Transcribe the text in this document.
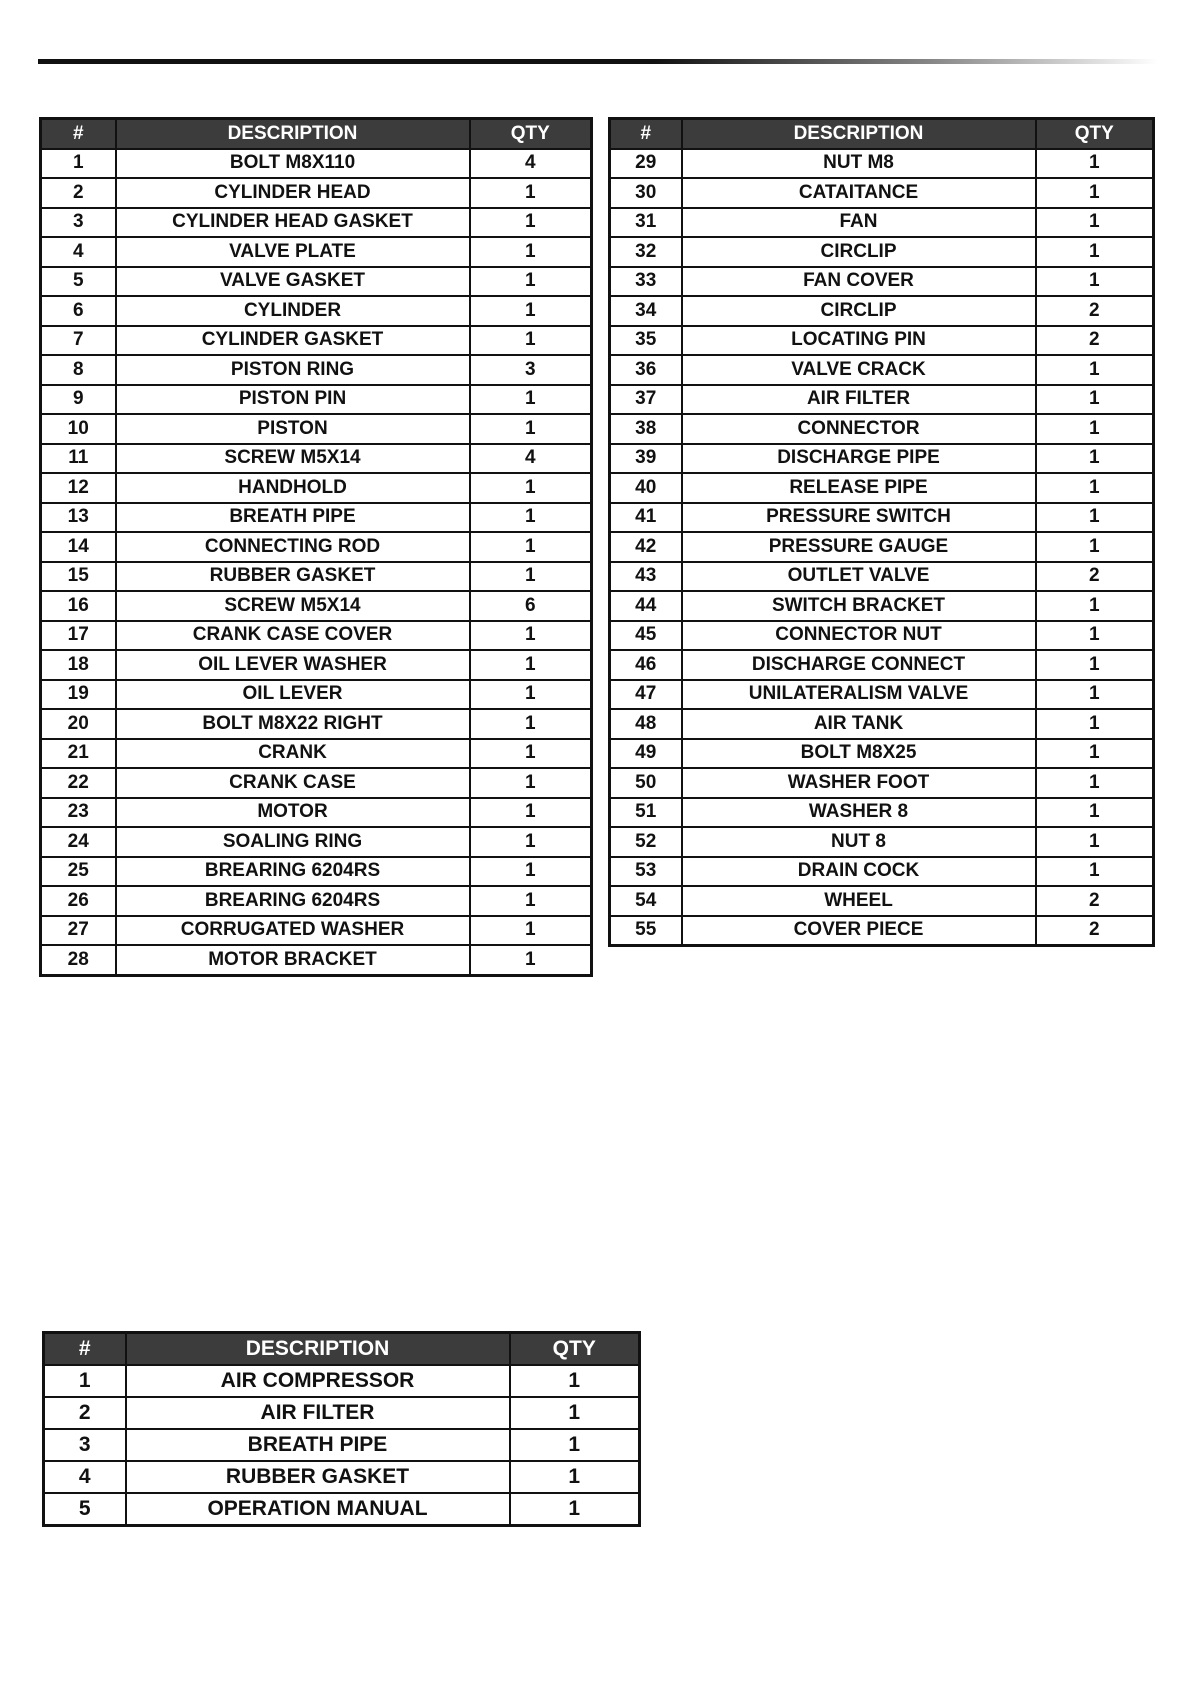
#	DESCRIPTION	QTY
1	BOLT M8X110	4
2	CYLINDER HEAD	1
3	CYLINDER HEAD GASKET	1
4	VALVE PLATE	1
5	VALVE GASKET	1
6	CYLINDER	1
7	CYLINDER GASKET	1
8	PISTON RING	3
9	PISTON PIN	1
10	PISTON	1
11	SCREW M5X14	4
12	HANDHOLD	1
13	BREATH PIPE	1
14	CONNECTING ROD	1
15	RUBBER GASKET	1
16	SCREW M5X14	6
17	CRANK CASE COVER	1
18	OIL LEVER WASHER	1
19	OIL LEVER	1
20	BOLT M8X22 RIGHT	1
21	CRANK	1
22	CRANK CASE	1
23	MOTOR	1
24	SOALING RING	1
25	BREARING 6204RS	1
26	BREARING 6204RS	1
27	CORRUGATED WASHER	1
28	MOTOR BRACKET	1
#	DESCRIPTION	QTY
29	NUT M8	1
30	CATAITANCE	1
31	FAN	1
32	CIRCLIP	1
33	FAN COVER	1
34	CIRCLIP	2
35	LOCATING PIN	2
36	VALVE CRACK	1
37	AIR FILTER	1
38	CONNECTOR	1
39	DISCHARGE PIPE	1
40	RELEASE PIPE	1
41	PRESSURE SWITCH	1
42	PRESSURE GAUGE	1
43	OUTLET VALVE	2
44	SWITCH BRACKET	1
45	CONNECTOR NUT	1
46	DISCHARGE CONNECT	1
47	UNILATERALISM VALVE	1
48	AIR TANK	1
49	BOLT M8X25	1
50	WASHER FOOT	1
51	WASHER 8	1
52	NUT 8	1
53	DRAIN COCK	1
54	WHEEL	2
55	COVER PIECE	2
#	DESCRIPTION	QTY
1	AIR COMPRESSOR	1
2	AIR FILTER	1
3	BREATH PIPE	1
4	RUBBER GASKET	1
5	OPERATION MANUAL	1
